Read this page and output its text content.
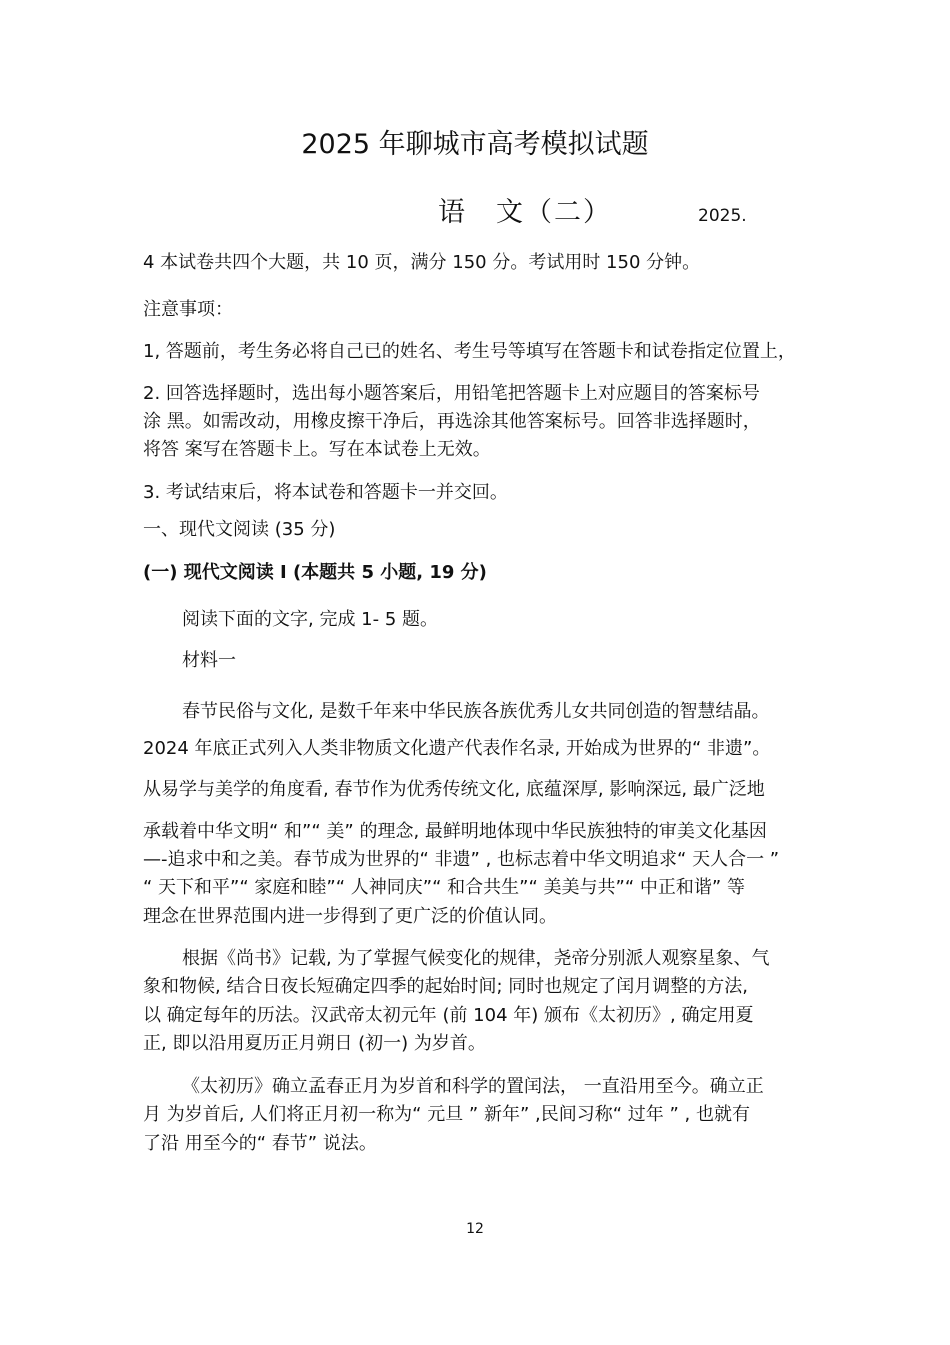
2025 年聊城市高考模拟试题
语　文（二）	2025.
4 本试卷共四个大题，共 10 页，满分 150 分。考试用时 150 分钟。
注意事项：
1, 答题前，考生务必将自己已的姓名、考生号等填写在答题卡和试卷指定位置上，
2. 回答选择题时，选出每小题答案后，用铅笔把答题卡上对应题目的答案标号
涂 黑。如需改动，用橡皮擦干净后，再选涂其他答案标号。回答非选择题时，
将答 案写在答题卡上。写在本试卷上无效。
3. 考试结束后，将本试卷和答题卡一并交回。
一、现代文阅读 (35 分)
(一) 现代文阅读 I (本题共 5 小题, 19 分)
阅读下面的文字, 完成 1- 5 题。
材料一
春节民俗与文化, 是数千年来中华民族各族优秀儿女共同创造的智慧结晶。
2024 年底正式列入人类非物质文化遗产代表作名录, 开始成为世界的“ 非遗”。
从易学与美学的角度看, 春节作为优秀传统文化, 底蕴深厚, 影响深远, 最广泛地
承载着中华文明“ 和”“ 美” 的理念, 最鲜明地体现中华民族独特的审美文化基因
—-追求中和之美。春节成为世界的“ 非遗” , 也标志着中华文明追求“ 天人合一 ”
“ 天下和平”“ 家庭和睦”“ 人神同庆”“ 和合共生”“ 美美与共”“ 中正和谐” 等
理念在世界范围内进一步得到了更广泛的价值认同。
根据《尚书》记载, 为了掌握气候变化的规律，尧帝分别派人观察星象、气
象和物候, 结合日夜长短确定四季的起始时间; 同时也规定了闰月调整的方法,
以 确定每年的历法。汉武帝太初元年 (前 104 年) 颁布《太初历》, 确定用夏
正, 即以沿用夏历正月朔日 (初一) 为岁首。
《太初历》确立孟春正月为岁首和科学的置闰法， 一直沿用至今。确立正
月 为岁首后, 人们将正月初一称为“ 元旦 ” 新年” ,民间习称“ 过年 ” , 也就有
了沿 用至今的“ 春节” 说法。
12
